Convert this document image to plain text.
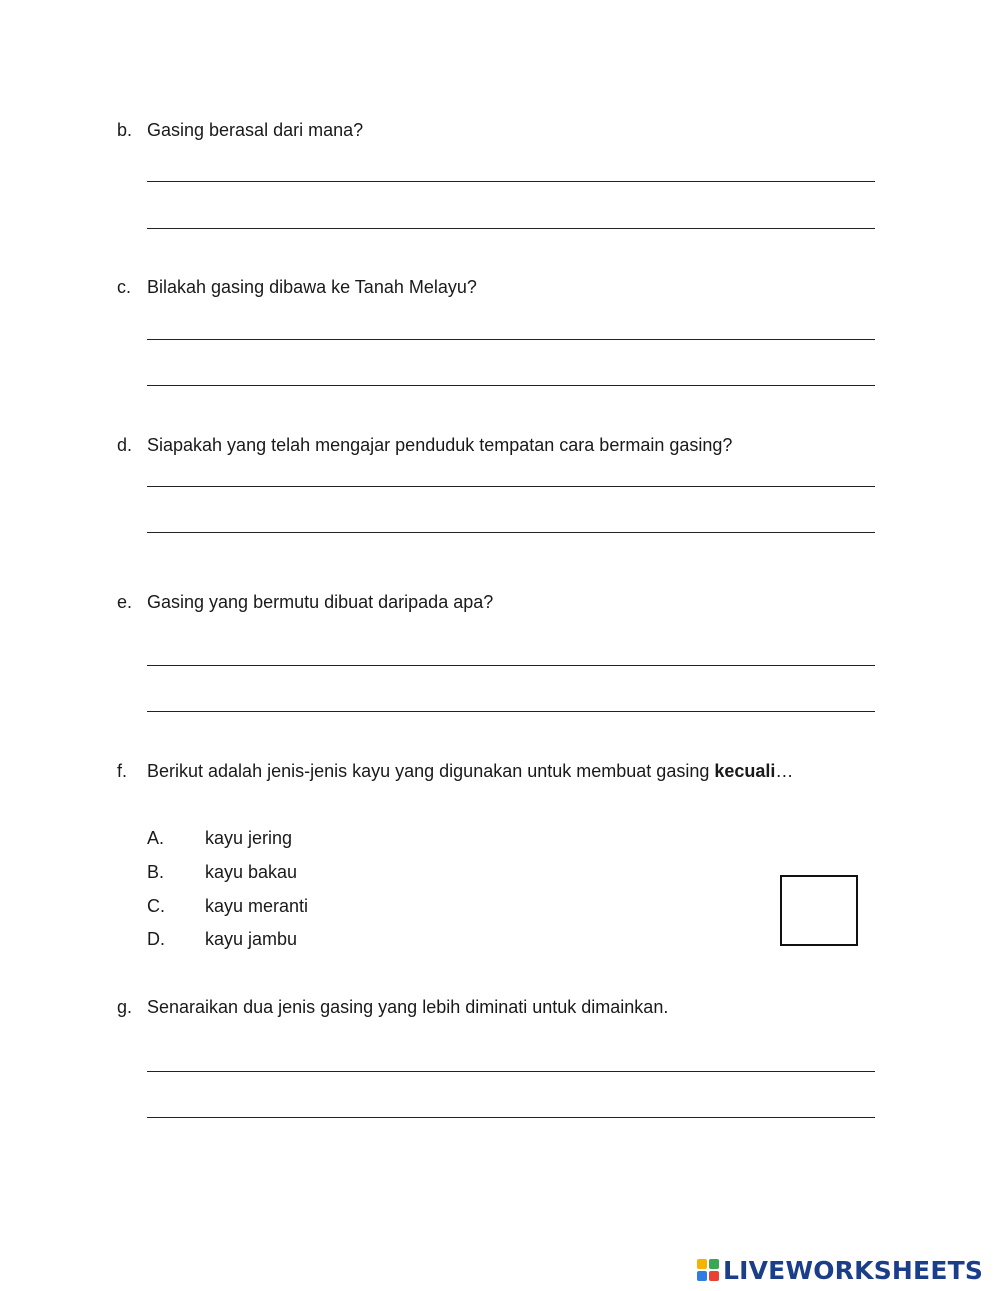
b. Gasing berasal dari mana?
c. Bilakah gasing dibawa ke Tanah Melayu?
d. Siapakah yang telah mengajar penduduk tempatan cara bermain gasing?
e. Gasing yang bermutu dibuat daripada apa?
f. Berikut adalah jenis-jenis kayu yang digunakan untuk membuat gasing kecuali…
A. kayu jering
B. kayu bakau
C. kayu meranti
D. kayu jambu
g. Senaraikan dua jenis gasing yang lebih diminati untuk dimainkan.
LIVEWORKSHEETS
